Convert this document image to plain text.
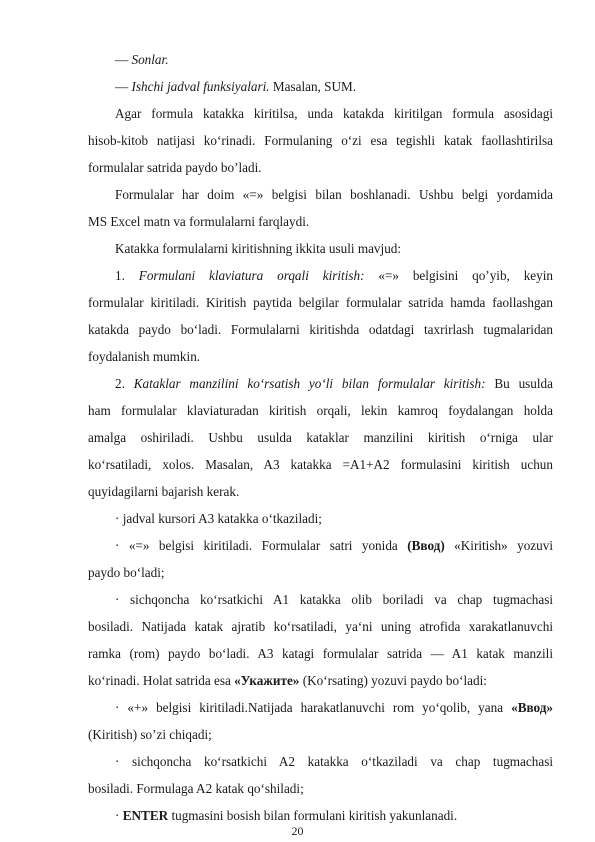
— Sonlar.
— Ishchi jadval funksiyalari. Masalan, SUM.
Agar formula katakka kiritilsa, unda katakda kiritilgan formula asosidagi
hisob-kitob natijasi ko‘rinadi. Formulaning o‘zi esa tegishli katak faollashtirilsa
formulalar satrida paydo bo’ladi.
Formulalar har doim «=» belgisi bilan boshlanadi. Ushbu belgi yordamida
MS Excel matn va formulalarni farqlaydi.
Katakka formulalarni kiritishning ikkita usuli mavjud:
1. Formulani klaviatura orqali kiritish: «=» belgisini qo’yib, keyin
formulalar kiritiladi. Kiritish paytida belgilar formulalar satrida hamda faollashgan
katakda paydo bo‘ladi. Formulalarni kiritishda odatdagi taxrirlash tugmalaridan
foydalanish mumkin.
2. Kataklar manzilini ko‘rsatish yo‘li bilan formulalar kiritish: Bu usulda
ham formulalar klaviaturadan kiritish orqali, lekin kamroq foydalangan holda
amalga oshiriladi. Ushbu usulda kataklar manzilini kiritish o‘rniga ular
ko‘rsatiladi, xolos. Masalan, A3 katakka =A1+A2 formulasini kiritish uchun
quyidagilarni bajarish kerak.
· jadval kursori A3 katakka o‘tkaziladi;
· «=» belgisi kiritiladi. Formulalar satri yonida (Ввод) «Kiritish» yozuvi
paydo bo‘ladi;
· sichqoncha ko‘rsatkichi A1 katakka olib boriladi va chap tugmachasi
bosiladi. Natijada katak ajratib ko‘rsatiladi, ya‘ni uning atrofida xarakatlanuvchi
ramka (rom) paydo bo‘ladi. A3 katagi formulalar satrida — A1 katak manzili
ko‘rinadi. Holat satrida esa «Укажите» (Ko‘rsating) yozuvi paydo bo‘ladi:
· «+» belgisi kiritiladi.Natijada harakatlanuvchi rom yo‘qolib, yana «Ввод»
(Kiritish) so’zi chiqadi;
· sichqoncha ko‘rsatkichi A2 katakka o‘tkaziladi va chap tugmachasi
bosiladi. Formulaga A2 katak qo‘shiladi;
· ENTER tugmasini bosish bilan formulani kiritish yakunlanadi.
20
